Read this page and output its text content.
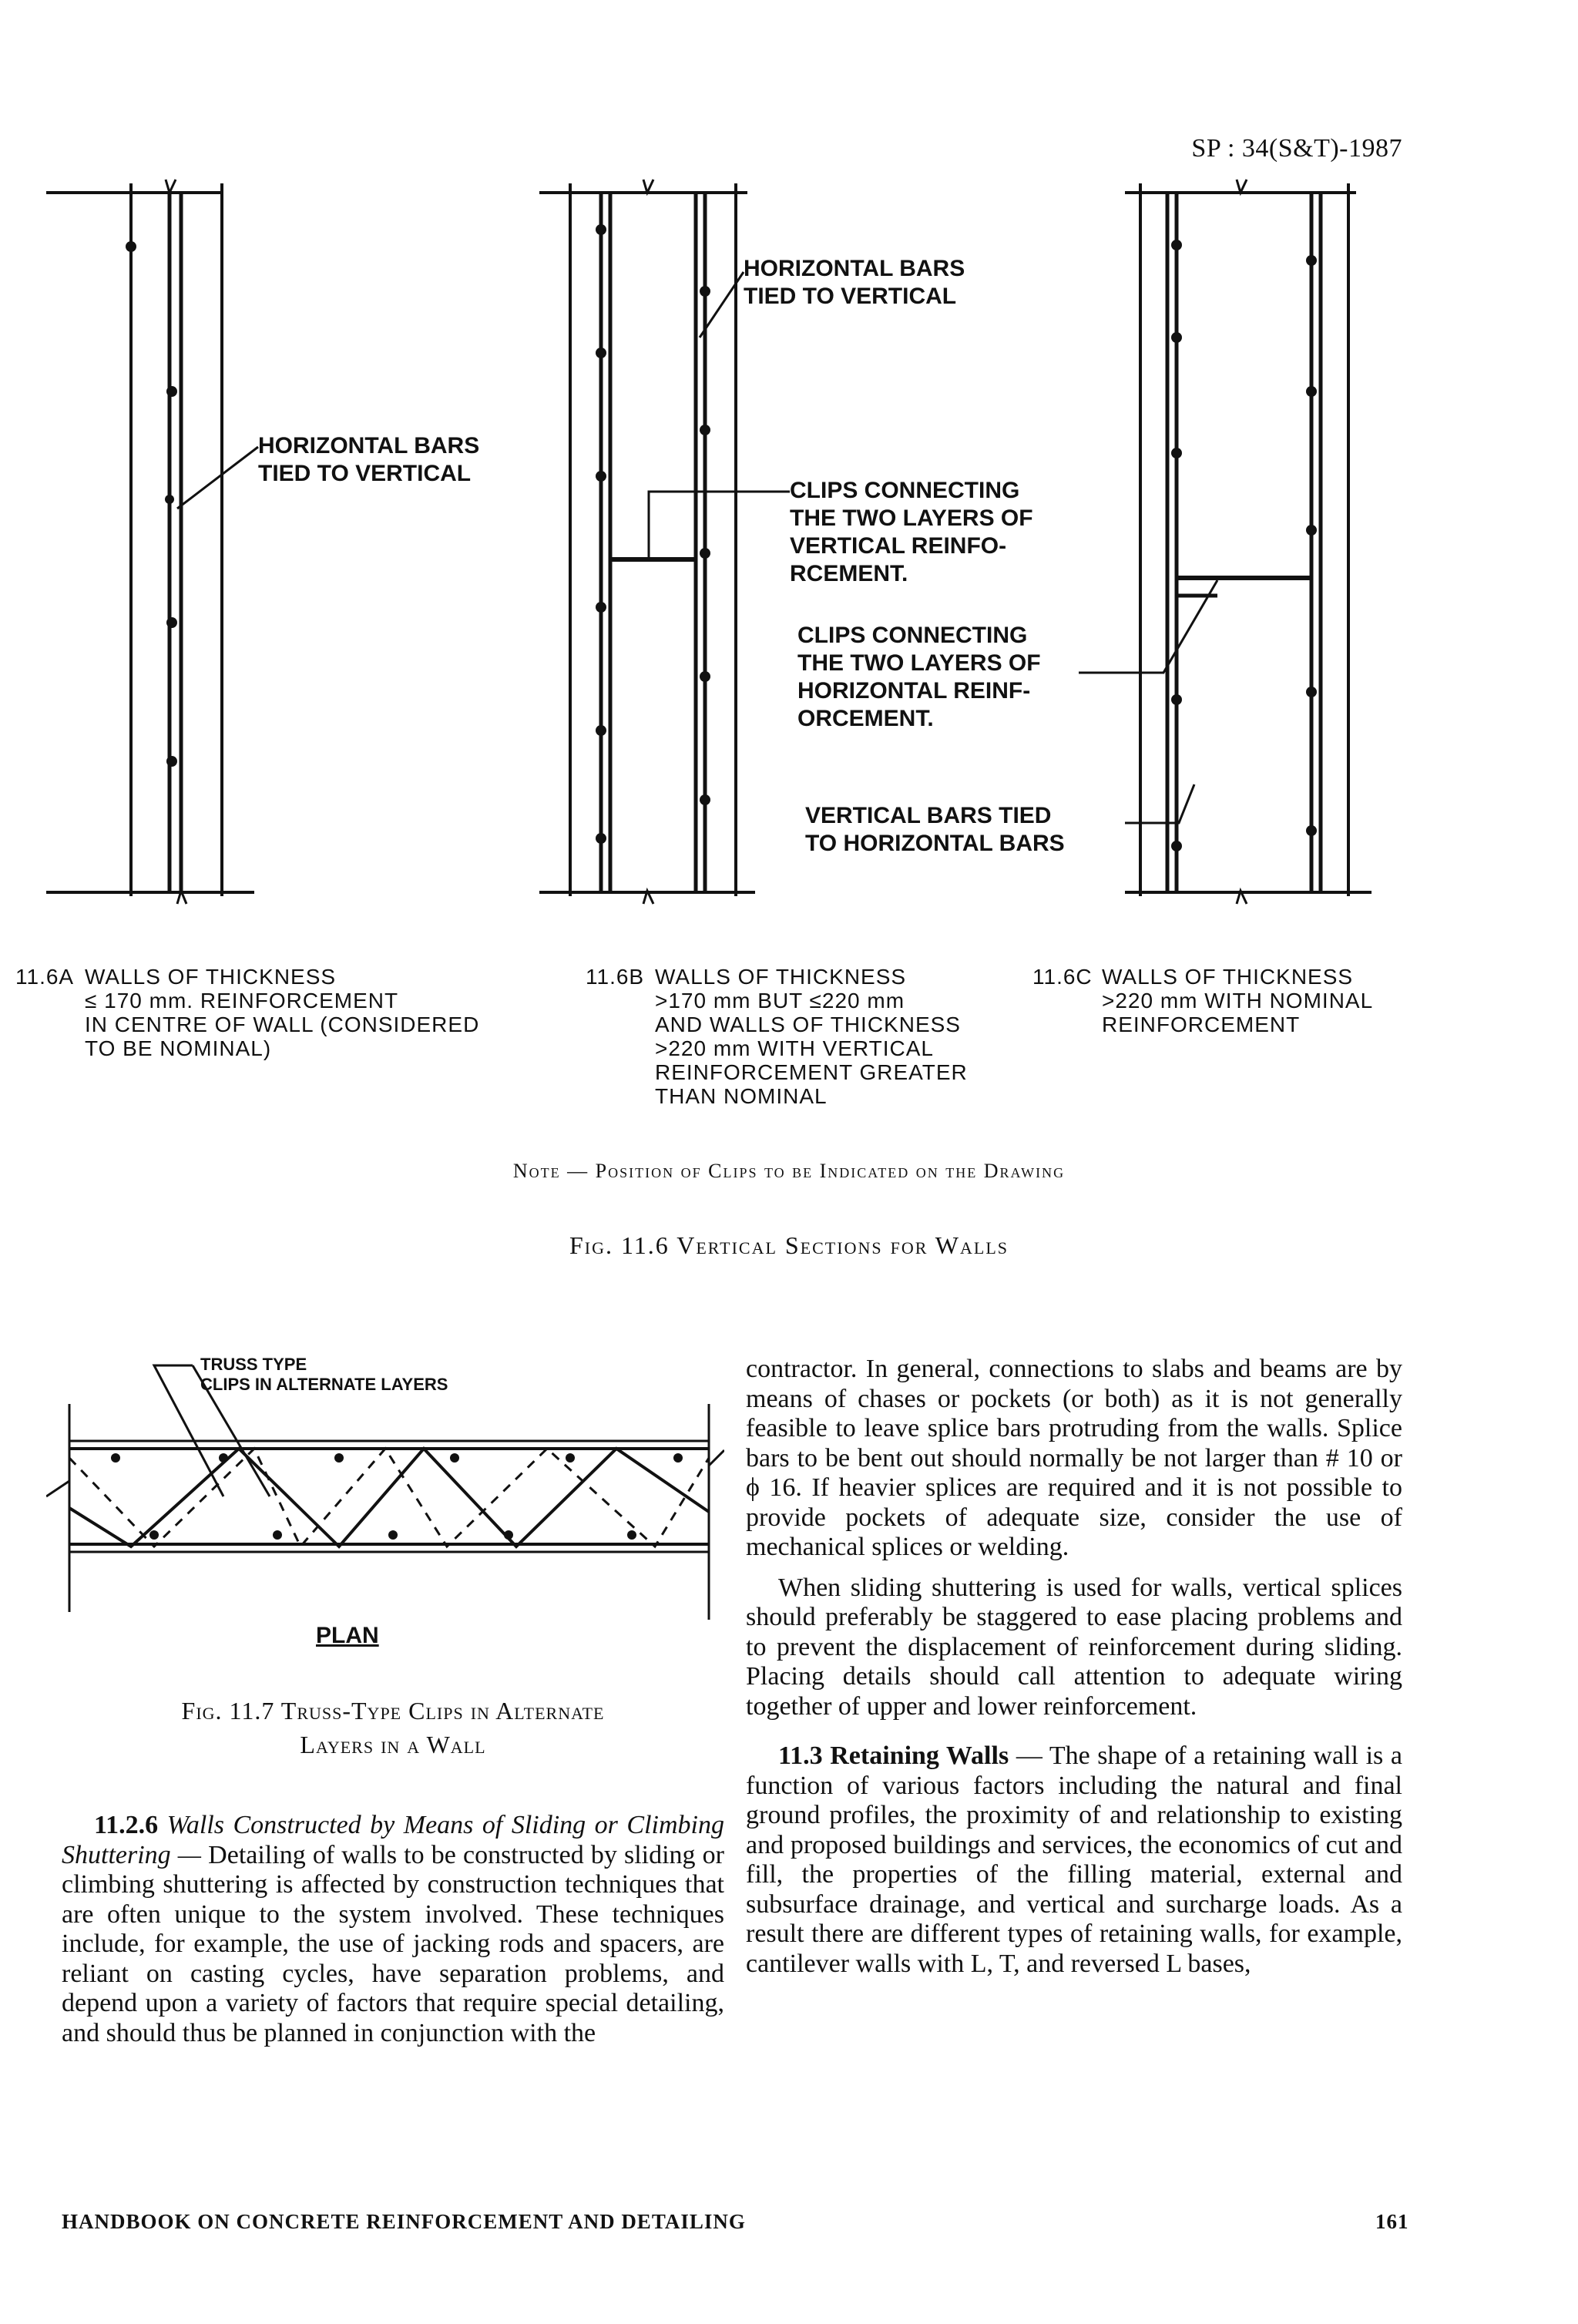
SP : 34(S&T)-1987
HORIZONTAL BARS
TIED TO VERTICAL
HORIZONTAL BARS
TIED TO VERTICAL
CLIPS CONNECTING
THE TWO LAYERS OF
VERTICAL REINFO-
RCEMENT.
CLIPS CONNECTING
THE TWO LAYERS OF
HORIZONTAL REINF-
ORCEMENT.
VERTICAL BARS TIED
TO HORIZONTAL BARS
11.6A WALLS OF THICKNESS
≤ 170 mm. REINFORCEMENT
IN CENTRE OF WALL (CONSIDERED
TO BE NOMINAL)
11.6B WALLS OF THICKNESS
>170 mm BUT ≤220 mm
AND WALLS OF THICKNESS
>220 mm WITH VERTICAL
REINFORCEMENT GREATER
THAN NOMINAL
11.6C WALLS OF THICKNESS
>220 mm WITH NOMINAL
REINFORCEMENT
Note — Position of Clips to be Indicated on the Drawing
Fig. 11.6 Vertical Sections for Walls
TRUSS TYPE
CLIPS IN ALTERNATE LAYERS
PLAN
Fig. 11.7 Truss-Type Clips in Alternate
Layers in a Wall

11.2.6 Walls Constructed by Means of Sliding or Climbing Shuttering — Detailing of walls to be constructed by sliding or climbing shuttering is affected by construction techniques that are often unique to the system involved. These techniques include, for example, the use of jacking rods and spacers, are reliant on casting cycles, have separation problems, and depend upon a variety of factors that require special detailing, and should thus be planned in conjunction with the

contractor. In general, connections to slabs and beams are by means of chases or pockets (or both) as it is not generally feasible to leave splice bars protruding from the walls. Splice bars to be bent out should normally be not larger than # 10 or ϕ 16. If heavier splices are required and it is not possible to provide pockets of adequate size, consider the use of mechanical splices or welding.

When sliding shuttering is used for walls, vertical splices should preferably be staggered to ease placing problems and to prevent the displacement of reinforcement during sliding. Placing details should call attention to adequate wiring together of upper and lower reinforcement.

11.3 Retaining Walls — The shape of a retaining wall is a function of various factors including the natural and final ground profiles, the proximity of and relationship to existing and proposed buildings and services, the economics of cut and fill, the properties of the filling material, external and subsurface drainage, and vertical and surcharge loads. As a result there are different types of retaining walls, for example, cantilever walls with L, T, and reversed L bases,

HANDBOOK ON CONCRETE REINFORCEMENT AND DETAILING	161
